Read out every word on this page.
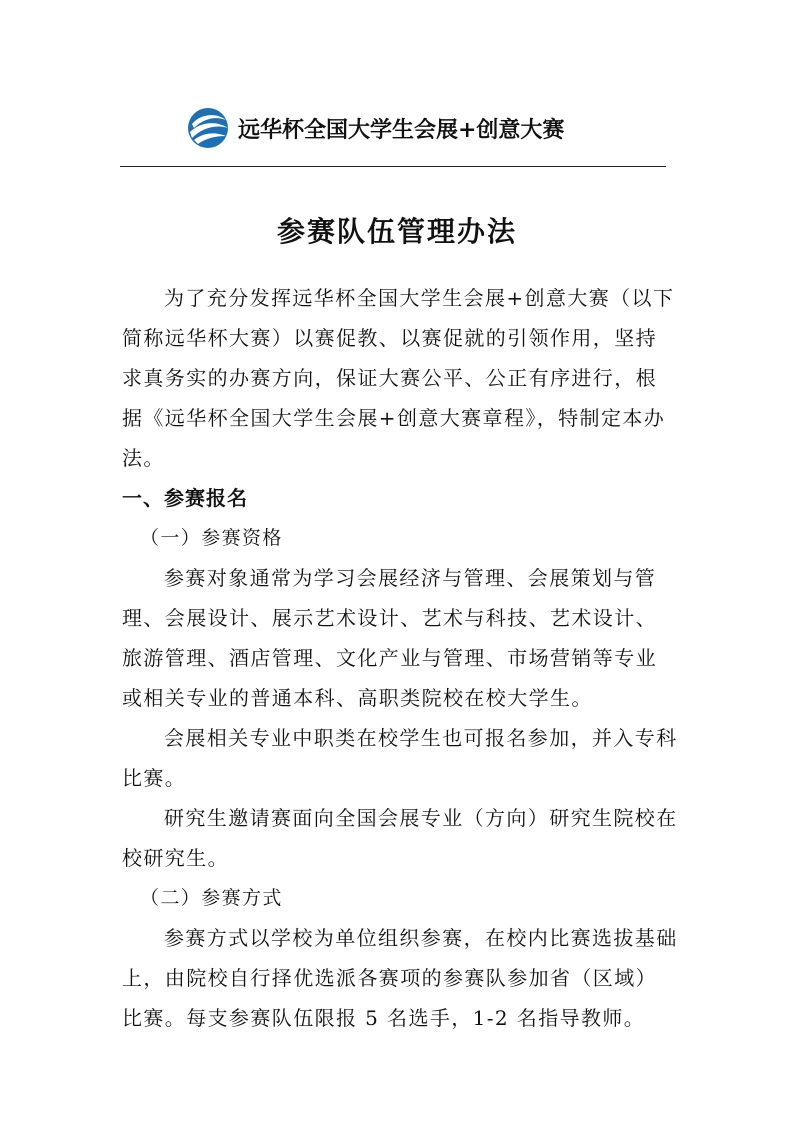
远华杯全国大学生会展+创意大赛
参赛队伍管理办法

为了充分发挥远华杯全国大学生会展+创意大赛（以下简称远华杯大赛）以赛促教、以赛促就的引领作用，坚持求真务实的办赛方向，保证大赛公平、公正有序进行，根据《远华杯全国大学生会展+创意大赛章程》，特制定本办法。

一、参赛报名

（一）参赛资格

参赛对象通常为学习会展经济与管理、会展策划与管理、会展设计、展示艺术设计、艺术与科技、艺术设计、旅游管理、酒店管理、文化产业与管理、市场营销等专业或相关专业的普通本科、高职类院校在校大学生。

会展相关专业中职类在校学生也可报名参加，并入专科比赛。

研究生邀请赛面向全国会展专业（方向）研究生院校在校研究生。

（二）参赛方式

参赛方式以学校为单位组织参赛，在校内比赛选拔基础上，由院校自行择优选派各赛项的参赛队参加省（区域）比赛。每支参赛队伍限报 5 名选手，1-2 名指导教师。
